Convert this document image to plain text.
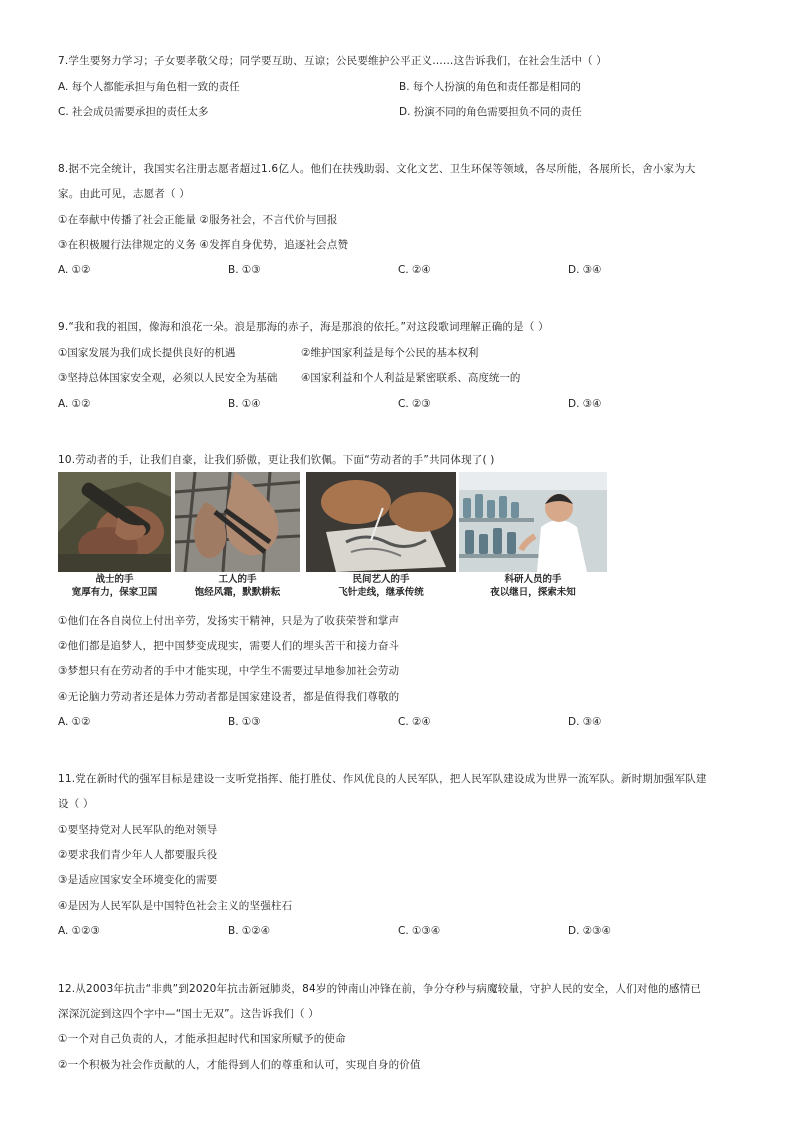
7.学生要努力学习；子女要孝敬父母；同学要互助、互谅；公民要维护公平正义……这告诉我们，在社会生活中（ ）
A. 每个人都能承担与角色相一致的责任	B. 每个人扮演的角色和责任都是相同的
C. 社会成员需要承担的责任太多	D. 扮演不同的角色需要担负不同的责任
8.据不完全统计，我国实名注册志愿者超过1.6亿人。他们在扶残助弱、文化文艺、卫生环保等领域，各尽所能，各展所长，舍小家为大
家。由此可见，志愿者（ ）
①在奉献中传播了社会正能量 ②服务社会，不言代价与回报
③在积极履行法律规定的义务 ④发挥自身优势，追逐社会点赞
A. ①②	B. ①③	C. ②④	D. ③④
9.“我和我的祖国，像海和浪花一朵。浪是那海的赤子，海是那浪的依托。”对这段歌词理解正确的是（ ）
①国家发展为我们成长提供良好的机遇	②维护国家利益是每个公民的基本权利
③坚持总体国家安全观，必须以人民安全为基础 ④国家利益和个人利益是紧密联系、高度统一的
A. ①②	B. ①④	C. ②③	D. ③④
10.劳动者的手，让我们自豪，让我们骄傲，更让我们钦佩。下面“劳动者的手”共同体现了( )
战士的手
宽厚有力，保家卫国
工人的手
饱经风霜，默默耕耘
民间艺人的手
飞针走线，继承传统
科研人员的手
夜以继日，探索未知
①他们在各自岗位上付出辛劳，发扬实干精神，只是为了收获荣誉和掌声
②他们都是追梦人，把中国梦变成现实，需要人们的埋头苦干和接力奋斗
③梦想只有在劳动者的手中才能实现，中学生不需要过早地参加社会劳动
④无论脑力劳动者还是体力劳动者都是国家建设者，都是值得我们尊敬的
A. ①②	B. ①③	C. ②④	D. ③④
11.党在新时代的强军目标是建设一支听党指挥、能打胜仗、作风优良的人民军队，把人民军队建设成为世界一流军队。新时期加强军队建
设（ ）
①要坚持党对人民军队的绝对领导
②要求我们青少年人人都要服兵役
③是适应国家安全环境变化的需要
④是因为人民军队是中国特色社会主义的坚强柱石
A. ①②③	B. ①②④	C. ①③④	D. ②③④
12.从2003年抗击“非典”到2020年抗击新冠肺炎，84岁的钟南山冲锋在前，争分夺秒与病魔较量，守护人民的安全，人们对他的感情已
深深沉淀到这四个字中—“国士无双”。这告诉我们（ ）
①一个对自己负责的人，才能承担起时代和国家所赋予的使命
②一个积极为社会作贡献的人，才能得到人们的尊重和认可，实现自身的价值
